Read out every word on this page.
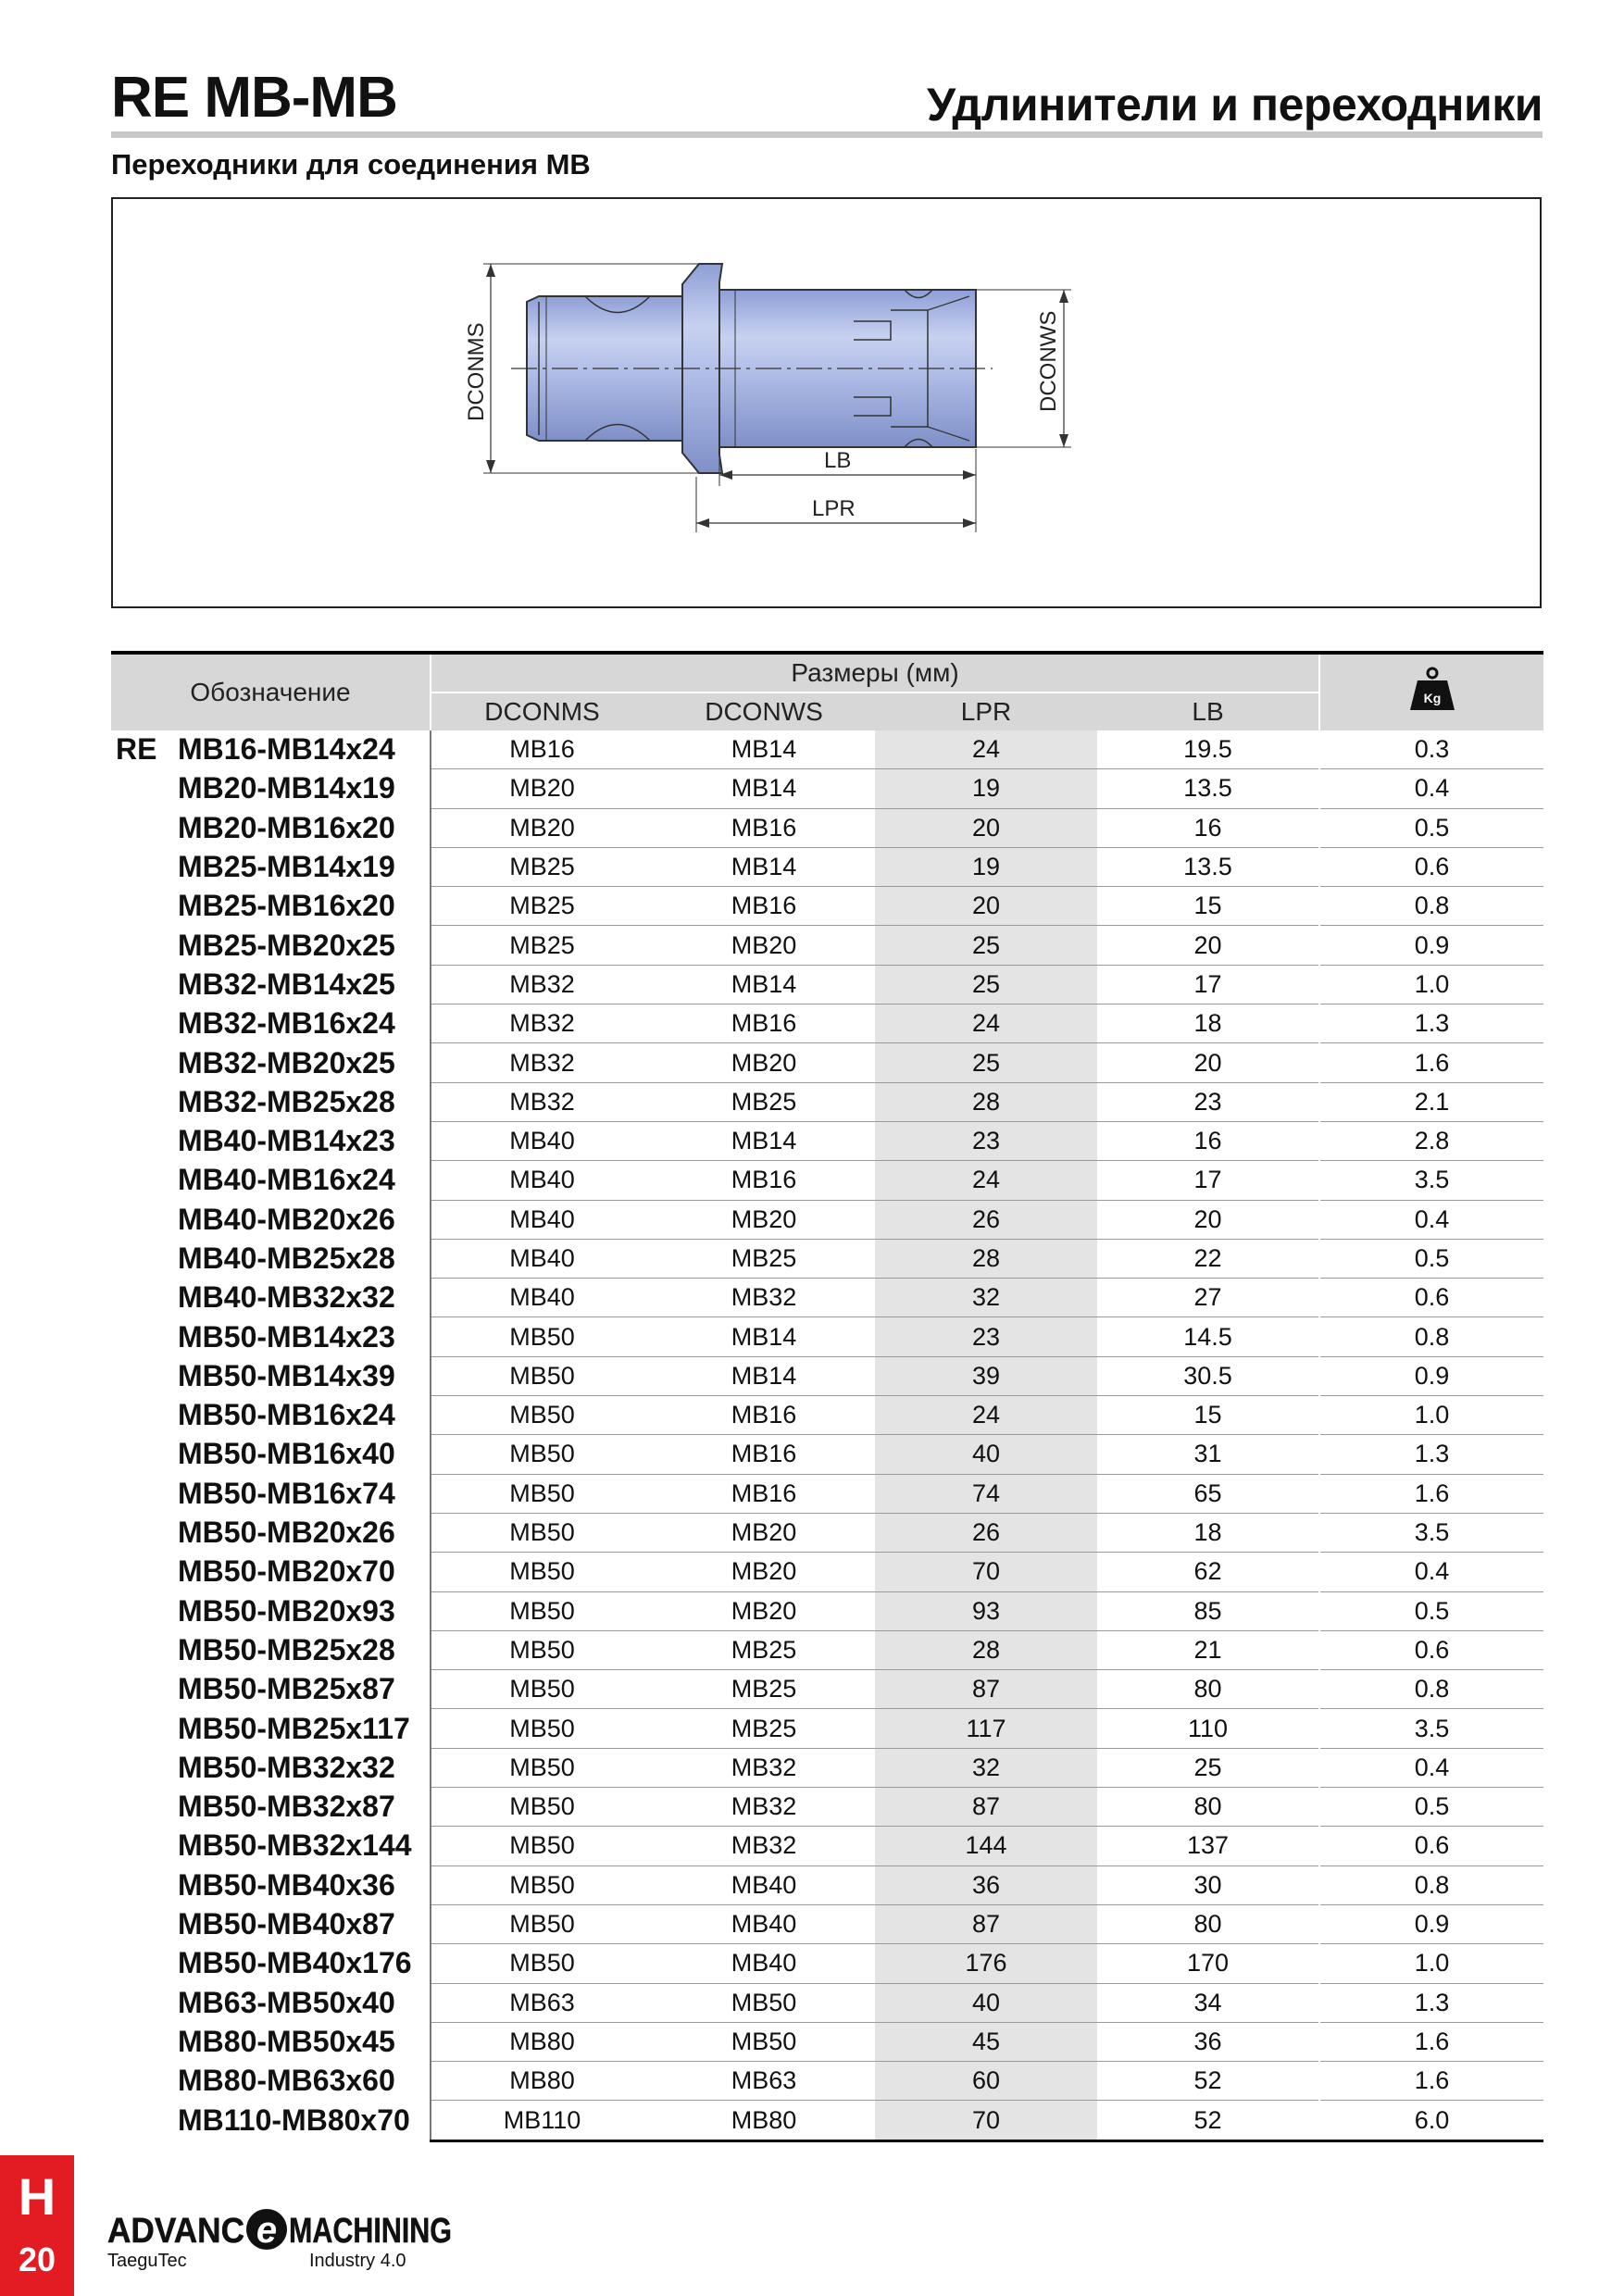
RE MB-MB	Удлинители и переходники
Переходники для соединения MB
DCONMS	DCONWS
LB
LPR
Обозначение	Размеры (мм)				Kg

	DCONMS	DCONWS	LPR	LB	
RE MB16-MB14x24	MB16	MB14	24	19.5	0.3
MB20-MB14x19	MB20	MB14	19	13.5	0.4
MB20-MB16x20	MB20	MB16	20	16	0.5
MB25-MB14x19	MB25	MB14	19	13.5	0.6
MB25-MB16x20	MB25	MB16	20	15	0.8
MB25-MB20x25	MB25	MB20	25	20	0.9
MB32-MB14x25	MB32	MB14	25	17	1.0
MB32-MB16x24	MB32	MB16	24	18	1.3
MB32-MB20x25	MB32	MB20	25	20	1.6
MB32-MB25x28	MB32	MB25	28	23	2.1
MB40-MB14x23	MB40	MB14	23	16	2.8
MB40-MB16x24	MB40	MB16	24	17	3.5
MB40-MB20x26	MB40	MB20	26	20	0.4
MB40-MB25x28	MB40	MB25	28	22	0.5
MB40-MB32x32	MB40	MB32	32	27	0.6
MB50-MB14x23	MB50	MB14	23	14.5	0.8
MB50-MB14x39	MB50	MB14	39	30.5	0.9
MB50-MB16x24	MB50	MB16	24	15	1.0
MB50-MB16x40	MB50	MB16	40	31	1.3
MB50-MB16x74	MB50	MB16	74	65	1.6
MB50-MB20x26	MB50	MB20	26	18	3.5
MB50-MB20x70	MB50	MB20	70	62	0.4
MB50-MB20x93	MB50	MB20	93	85	0.5
MB50-MB25x28	MB50	MB25	28	21	0.6
MB50-MB25x87	MB50	MB25	87	80	0.8
MB50-MB25x117	MB50	MB25	117	110	3.5
MB50-MB32x32	MB50	MB32	32	25	0.4
MB50-MB32x87	MB50	MB32	87	80	0.5
MB50-MB32x144	MB50	MB32	144	137	0.6
MB50-MB40x36	MB50	MB40	36	30	0.8
MB50-MB40x87	MB50	MB40	87	80	0.9
MB50-MB40x176	MB50	MB40	176	170	1.0
MB63-MB50x40	MB63	MB50	40	34	1.3
MB80-MB50x45	MB80	MB50	45	36	1.6
MB80-MB63x60	MB80	MB63	60	52	1.6
MB110-MB80x70	MB110	MB80	70	52	6.0
H
20
ADVANC e MACHINING
TaeguTec	Industry 4.0
